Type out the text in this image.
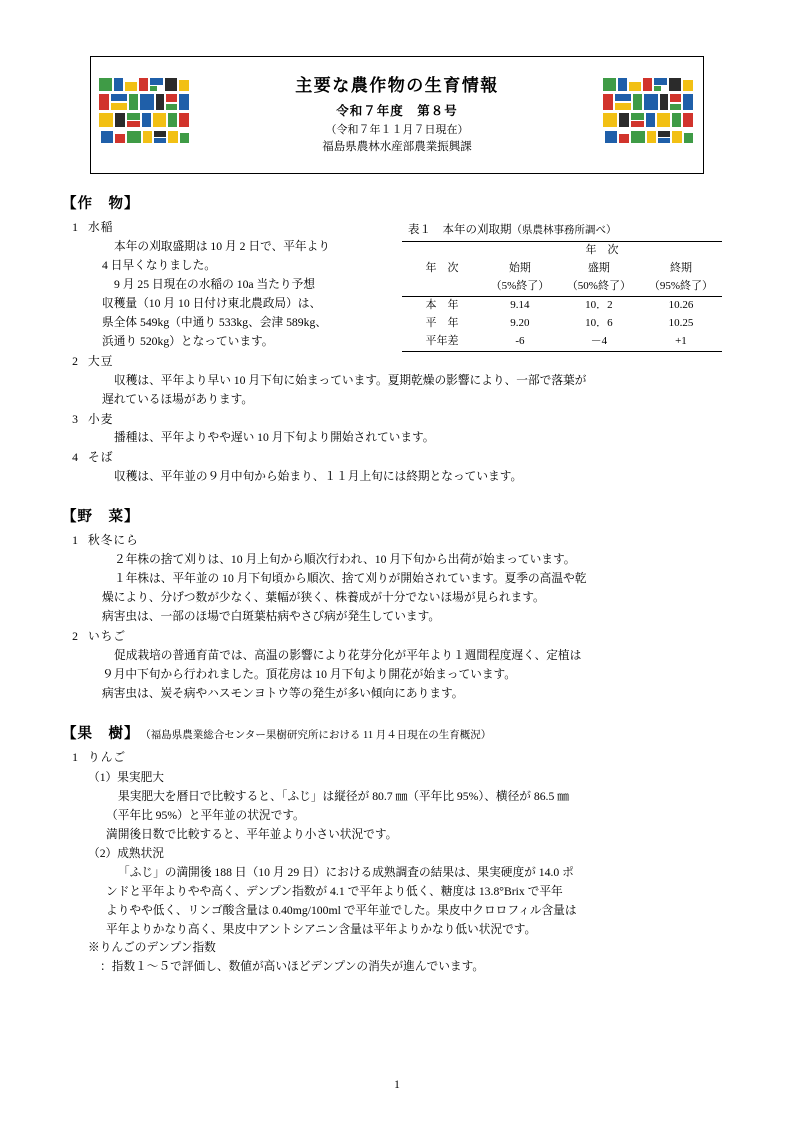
主要な農作物の生育情報
令和７年度　第８号
（令和７年１１月７日現在）
福島県農林水産部農業振興課
【作　物】
1 水稲

本年の刈取盛期は 10 月 2 日で、平年より

4 日早くなりました。

9 月 25 日現在の水稲の 10a 当たり予想

収穫量（10 月 10 日付け東北農政局）は、

県全体 549kg（中通り 533kg、会津 589kg、

浜通り 520kg）となっています。

表１　本年の刈取期（県農林事務所調べ）
	年　次		
年　次	始期	盛期	終期
	（5%終了）	（50%終了）	（95%終了）
本　年	9.14	10．2	10.26
平　年	9.20	10．6	10.25
平年差	-6	－4	+1
2 大豆

収穫は、平年より早い 10 月下旬に始まっています。夏期乾燥の影響により、一部で落葉が

遅れているほ場があります。

3 小麦

播種は、平年よりやや遅い 10 月下旬より開始されています。

4 そば

収穫は、平年並の９月中旬から始まり、１１月上旬には終期となっています。

【野　菜】
1 秋冬にら

２年株の捨て刈りは、10 月上旬から順次行われ、10 月下旬から出荷が始まっています。

１年株は、平年並の 10 月下旬頃から順次、捨て刈りが開始されています。夏季の高温や乾

燥により、分げつ数が少なく、葉幅が狭く、株養成が十分でないほ場が見られます。

病害虫は、一部のほ場で白斑葉枯病やさび病が発生しています。

2 いちご

促成栽培の普通育苗では、高温の影響により花芽分化が平年より１週間程度遅く、定植は

９月中下旬から行われました。頂花房は 10 月下旬より開花が始まっています。

病害虫は、炭そ病やハスモンヨトウ等の発生が多い傾向にあります。

【果　樹】 （福島県農業総合センター果樹研究所における 11 月４日現在の生育概況）
1 りんご
（1）果実肥大

果実肥大を暦日で比較すると、「ふじ」は縦径が 80.7 ㎜（平年比 95%）、横径が 86.5 ㎜

（平年比 95%）と平年並の状況です。

満開後日数で比較すると、平年並より小さい状況です。

（2）成熟状況

「ふじ」の満開後 188 日（10 月 29 日）における成熟調査の結果は、果実硬度が 14.0 ポ

ンドと平年よりやや高く、デンプン指数が 4.1 で平年より低く、糖度は 13.8°Brix で平年

よりやや低く、リンゴ酸含量は 0.40mg/100ml で平年並でした。果皮中クロロフィル含量は

平年よりかなり高く、果皮中アントシアニン含量は平年よりかなり低い状況です。

※りんごのデンプン指数
：指数１～５で評価し、数値が高いほどデンプンの消失が進んでいます。
1
